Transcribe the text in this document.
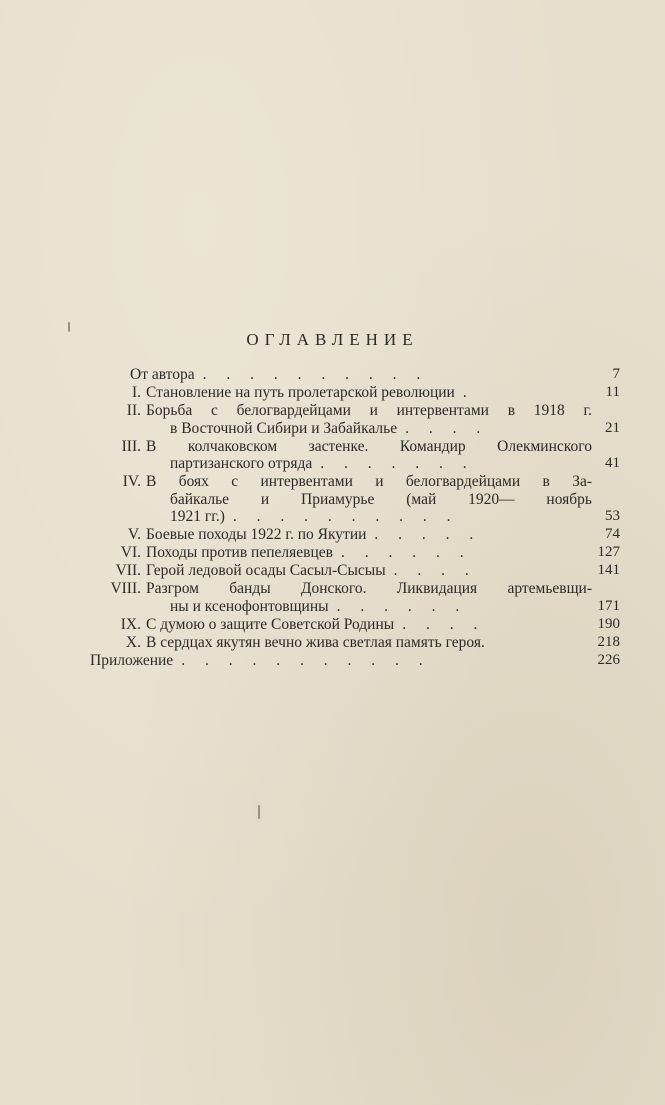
ОГЛАВЛЕНИЕ
От автора . . . . . . . . . .	7
I. Становление на путь пролетарской революции .	11
II. Борьба с белогвардейцами и интервентами в 1918 г.
в Восточной Сибири и Забайкалье . . . .	21
III. В колчаковском застенке. Командир Олекминского
партизанского отряда . . . . . . .	41
IV. В боях с интервентами и белогвардейцами в За-
байкалье и Приамурье (май 1920— ноябрь
1921 гг.) . . . . . . . . . .	53
V. Боевые походы 1922 г. по Якутии . . . . .	74
VI. Походы против пепеляевцев . . . . . .	127
VII. Герой ледовой осады Сасыл-Сысыы . . . .	141
VIII. Разгром банды Донского. Ликвидация артемьевщи-
ны и ксенофонтовщины . . . . . .	171
IX. С думою о защите Советской Родины . . . .	190
X. В сердцах якутян вечно жива светлая память героя.	218
Приложение . . . . . . . . . . .	226
